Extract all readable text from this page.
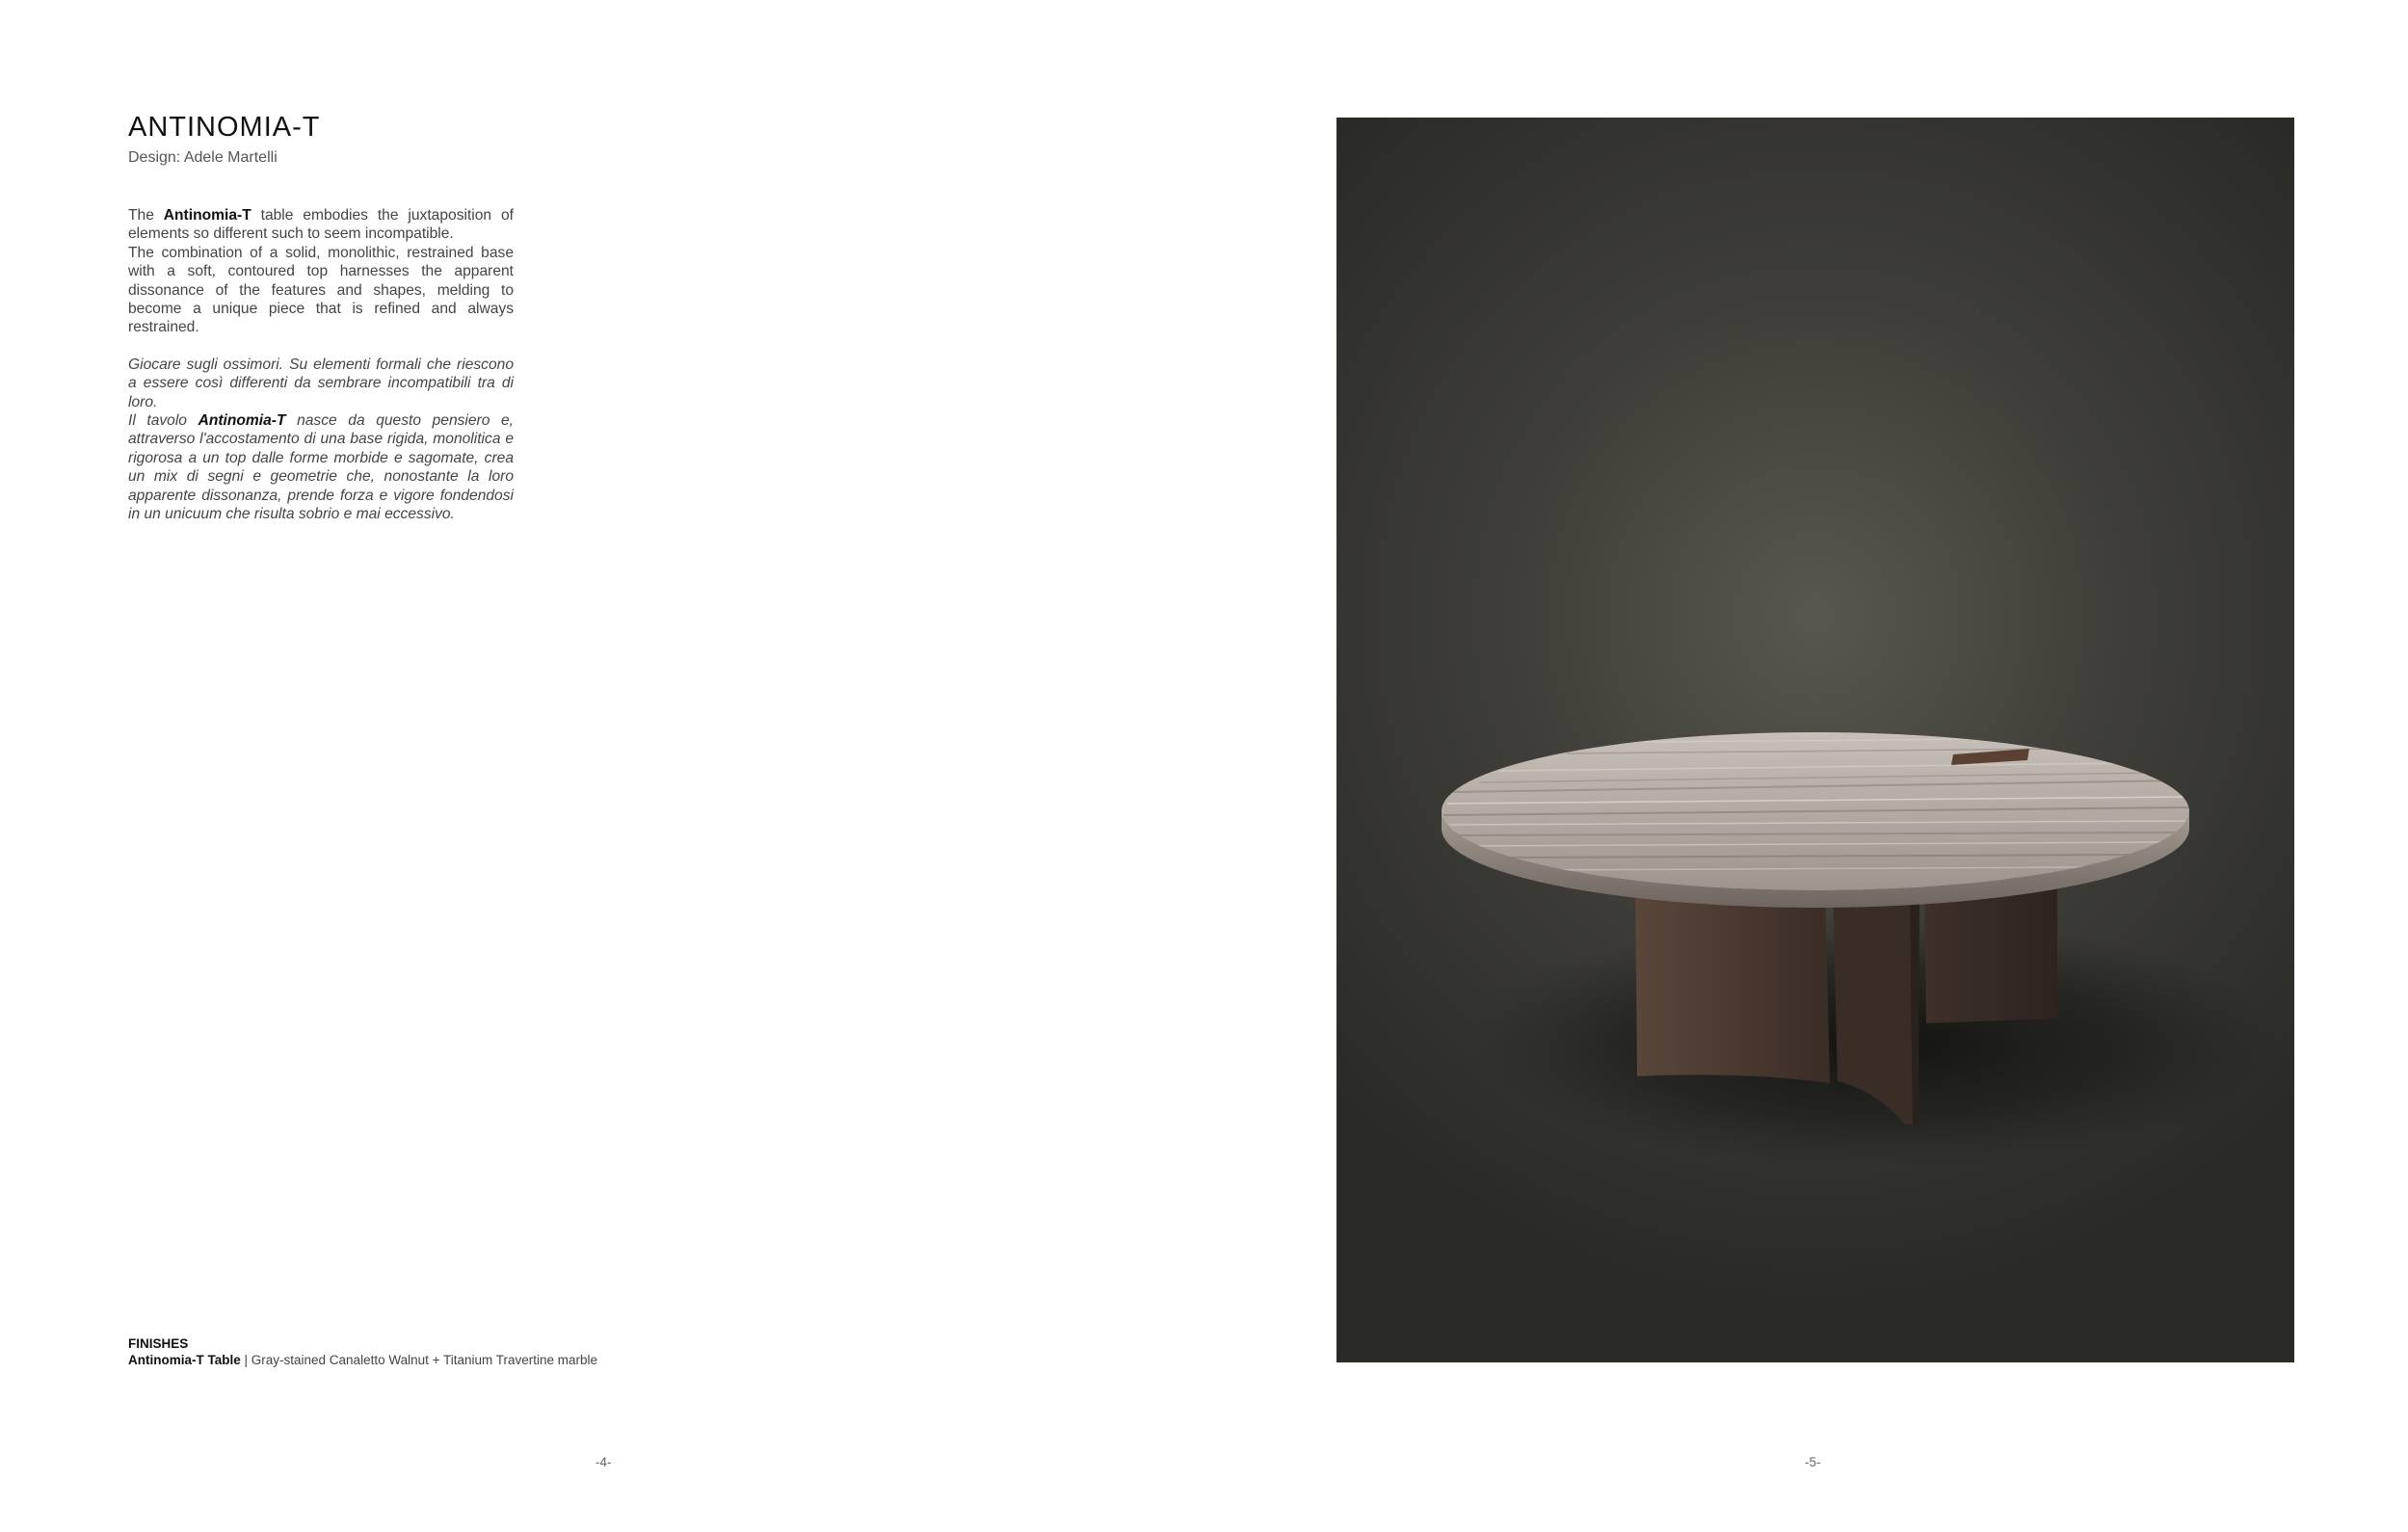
ANTINOMIA-T
Design: Adele Martelli

The Antinomia-T table embodies the juxtaposition of elements so different such to seem incompatible.

The combination of a solid, monolithic, restrained base with a soft, contoured top harnesses the apparent dissonance of the features and shapes, melding to become a unique piece that is refined and always restrained.

Giocare sugli ossimori. Su elementi formali che riescono a essere così differenti da sembrare incompatibili tra di loro.

Il tavolo Antinomia-T nasce da questo pensiero e, attraverso l'accostamento di una base rigida, monolitica e rigorosa a un top dalle forme morbide e sagomate, crea un mix di segni e geometrie che, nonostante la loro apparente dissonanza, prende forza e vigore fondendosi in un unicuum che risulta sobrio e mai eccessivo.

FINISHES
Antinomia-T Table | Gray-stained Canaletto Walnut + Titanium Travertine marble
-4-	-5-
